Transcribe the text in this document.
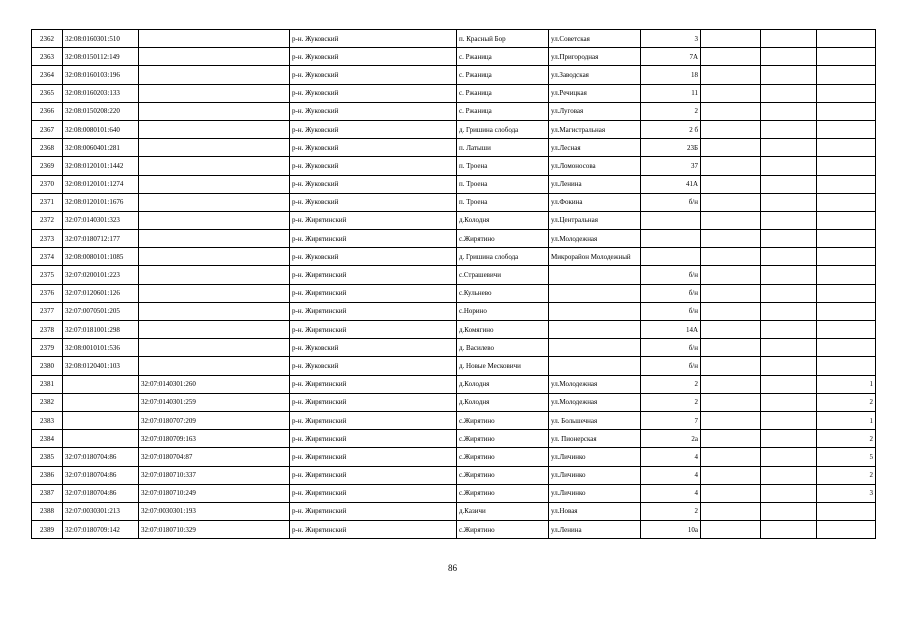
2362	32:08:0160301:510		р-н. Жуковский	п. Красный Бор	ул.Советская	3			
2363	32:08:0150112:149		р-н. Жуковский	с. Ржаница	ул.Пригородная	7А			
2364	32:08:0160103:196		р-н. Жуковский	с. Ржаница	ул.Заводская	18			
2365	32:08:0160203:133		р-н. Жуковский	с. Ржаница	ул.Речицкая	11			
2366	32:08:0150208:220		р-н. Жуковский	с. Ржаница	ул.Луговая	2			
2367	32:08:0080101:640		р-н. Жуковский	д. Гришина слобода	ул.Магистральная	2 б			
2368	32:08:0060401:281		р-н. Жуковский	п. Латыши	ул.Лесная	23Б			
2369	32:08:0120101:1442		р-н. Жуковский	п. Троена	ул.Ломоносова	37			
2370	32:08:0120101:1274		р-н. Жуковский	п. Троена	ул.Ленина	41А			
2371	32:08:0120101:1676		р-н. Жуковский	п. Троена	ул.Фокина	б/н			
2372	32:07:0140301:323		р-н. Жирятинский	д.Колодня	ул.Центральная				
2373	32:07:0180712:177		р-н. Жирятинский	с.Жирятино	ул.Молодежная				
2374	32:08:0080101:1085		р-н. Жуковский	д. Гришина слобода	Микрорайон Молодежный				
2375	32:07:0200101:223		р-н. Жирятинский	с.Страшевичи		б/н			
2376	32:07:0120601:126		р-н. Жирятинский	с.Кульнево		б/н			
2377	32:07:0070501:205		р-н. Жирятинский	с.Норино		б/н			
2378	32:07:0181001:298		р-н. Жирятинский	д.Комягино		14А			
2379	32:08:0010101:536		р-н. Жуковский	д. Василево		б/н			
2380	32:08:0120401:103		р-н. Жуковский	д. Новые Месковичи		б/н			
2381		32:07:0140301:260	р-н. Жирятинский	д.Колодня	ул.Молодежная	2			1
2382		32:07:0140301:259	р-н. Жирятинский	д.Колодня	ул.Молодежная	2			2
2383		32:07:0180707:209	р-н. Жирятинский	с.Жирятино	ул. Большечная	7			1
2384		32:07:0180709:163	р-н. Жирятинский	с.Жирятино	ул. Пионерская	2а			2
2385	32:07:0180704:86	32:07:0180704:87	р-н. Жирятинский	с.Жирятино	ул.Личинко	4			5
2386	32:07:0180704:86	32:07:0180710:337	р-н. Жирятинский	с.Жирятино	ул.Личинко	4			2
2387	32:07:0180704:86	32:07:0180710:249	р-н. Жирятинский	с.Жирятино	ул.Личинко	4			3
2388	32:07:0030301:213	32:07:0030301:193	р-н. Жирятинский	д.Казичи	ул.Новая	2			
2389	32:07:0180709:142	32:07:0180710:329	р-н. Жирятинский	с.Жирятино	ул.Ленина	10а			
86
